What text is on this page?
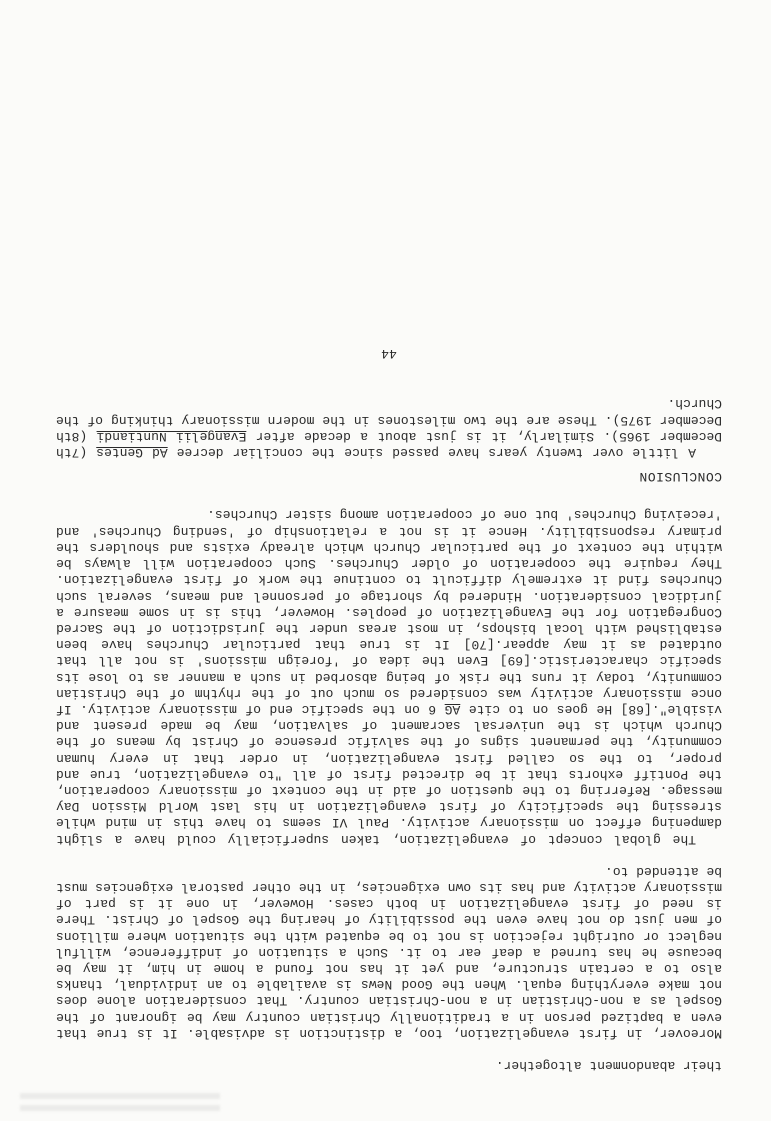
their abandonment altogether.

Moreover, in first evangelization, too, a distinction is advisable. It is true that even a baptized person in a traditionally Christian country may be ignorant of the Gospel as a non-Christian in a non-Christian country. That consideration alone does not make everything equal. When the Good News is available to an individual, thanks also to a certain structure, and yet it has not found a home in him, it may be because he has turned a deaf ear to it. Such a situation of indifference, willful neglect or outright rejection is not to be equated with the situation where millions of men just do not have even the possibility of hearing the Gospel of Christ. There is need of first evangelization in both cases. However, in one it is part of missionary activity and has its own exigencies, in the other pastoral exigencies must be attended to.

The global concept of evangelization, taken superficially could have a slight dampening effect on missionary activity. Paul VI seems to have this in mind while stressing the specificity of first evangelization in his last World Mission Day message. Referring to the question of aid in the context of missionary cooperation, the Pontiff exhorts that it be directed first of all "to evangelization, true and proper, to the so called first evangelization, in order that in every human community, the permanent signs of the salvific presence of Christ by means of the Church which is the universal sacrament of salvation, may be made present and visible".[68] He goes on to cite AG 6 on the specific end of missionary activity. If once missionary activity was considered so much out of the rhythm of the Christian community, today it runs the risk of being absorbed in such a manner as to lose its specific characteristic.[69] Even the idea of 'foreign missions' is not all that outdated as it may appear.[70] It is true that particular Churches have been established with local bishops, in most areas under the jurisdiction of the Sacred Congregation for the Evangelization of peoples. However, this is in some measure a juridical consideration. Hindered by shortage of personnel and means, several such Churches find it extremely difficult to continue the work of first evangelization. They require the cooperation of older Churches. Such cooperation will always be within the context of the particular Church which already exists and shoulders the primary responsibility. Hence it is not a relationship of 'sending Churches' and 'receiving Churches' but one of cooperation among sister Churches.

CONCLUSION

A little over twenty years have passed since the conciliar decree Ad Gentes (7th December 1965). Similarly, it is just about a decade after Evangelii Nuntiandi (8th December 1975). These are the two milestones in the modern missionary thinking of the Church.

44
